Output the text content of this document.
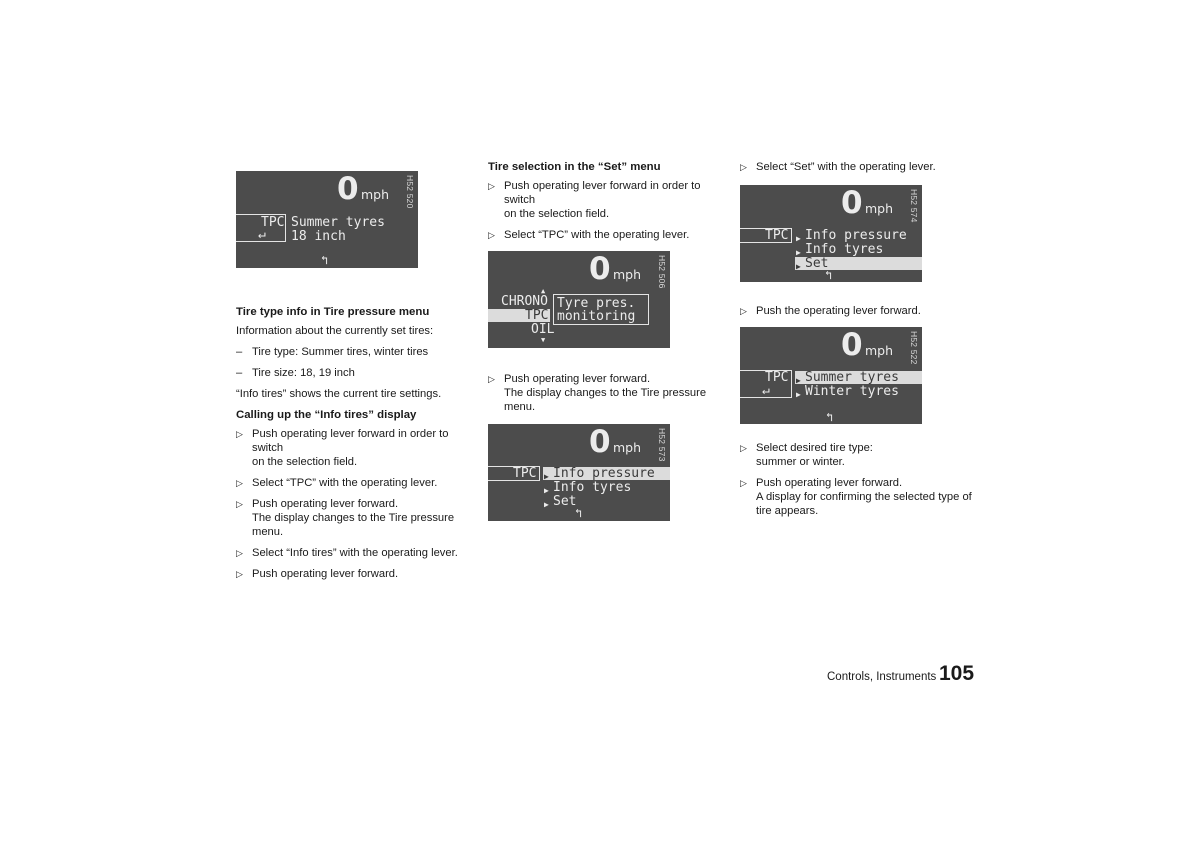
H52 520
0 mph
TPC
↵
Summer tyres
18 inch
↰
Tire type info in Tire pressure menu
Information about the currently set tires:
– Tire type: Summer tires, winter tires
– Tire size: 18, 19 inch
“Info tires” shows the current tire settings.
Calling up the “Info tires” display
▷ Push operating lever forward in order to switch
on the selection field.
▷ Select “TPC” with the operating lever.
▷ Push operating lever forward.
The display changes to the Tire pressure
menu.
▷ Select “Info tires” with the operating lever.
▷ Push operating lever forward.
Tire selection in the “Set” menu
▷ Push operating lever forward in order to switch
on the selection field.
▷ Select “TPC” with the operating lever.
H52 506
0 mph
▲
CHRONO
TPC
OIL
▼
Tyre pres.
monitoring
▷ Push operating lever forward.
The display changes to the Tire pressure
menu.
H52 573
0 mph
TPC ▶ Info pressure
▶ Info tyres
▶ Set
↰
▷ Select “Set” with the operating lever.
H52 574
0 mph
TPC ▶ Info pressure
▶ Info tyres
▶ Set
↰
▷ Push the operating lever forward.
H52 522
0 mph
TPC
↵
▶ Summer tyres
▶ Winter tyres
↰
▷ Select desired tire type:
summer or winter.
▷ Push operating lever forward.
A display for confirming the selected type of
tire appears.
Controls, Instruments 105
